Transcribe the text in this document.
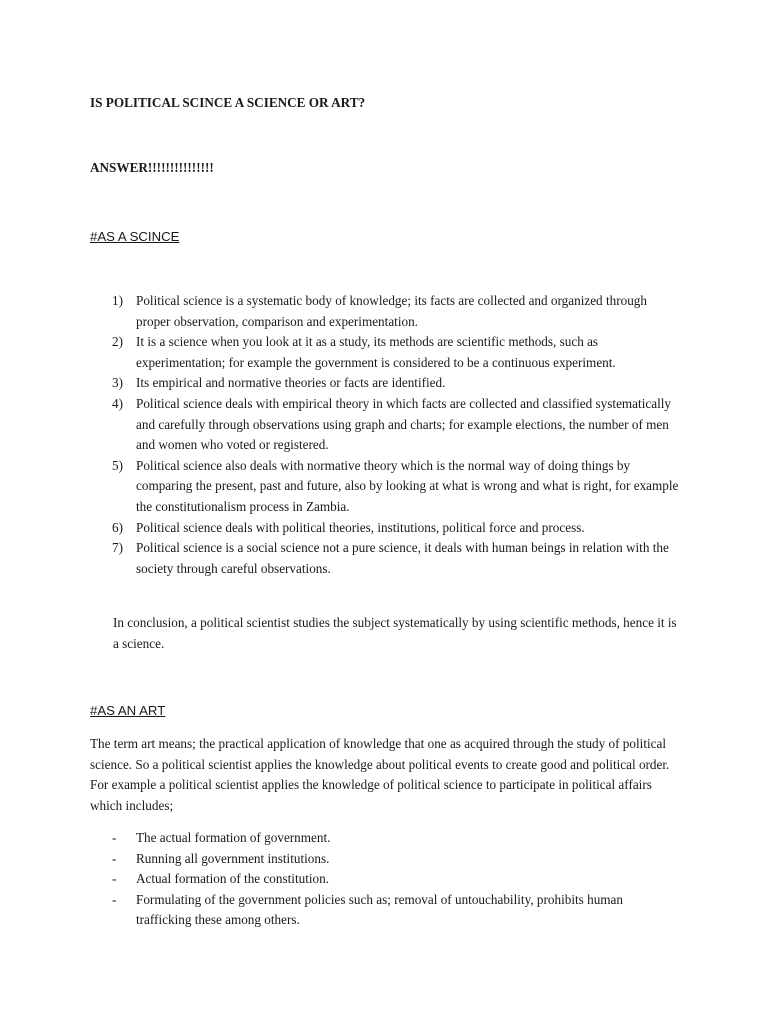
IS POLITICAL SCINCE A SCIENCE OR ART?
ANSWER!!!!!!!!!!!!!!!
#AS A SCINCE
1) Political science is a systematic body of knowledge; its facts are collected and organized through proper observation, comparison and experimentation.
2) It is a science when you look at it as a study, its methods are scientific methods, such as experimentation; for example the government is considered to be a continuous experiment.
3) Its empirical and normative theories or facts are identified.
4) Political science deals with empirical theory in which facts are collected and classified systematically and carefully through observations using graph and charts; for example elections, the number of men and women who voted or registered.
5) Political science also deals with normative theory which is the normal way of doing things by comparing the present, past and future, also by looking at what is wrong and what is right, for example the constitutionalism process in Zambia.
6) Political science deals with political theories, institutions, political force and process.
7) Political science is a social science not a pure science, it deals with human beings in relation with the society through careful observations.
In conclusion, a political scientist studies the subject systematically by using scientific methods, hence it is a science.
#AS AN ART
The term art means; the practical application of knowledge that one as acquired through the study of political science. So a political scientist applies the knowledge about political events to create good and political order. For example a political scientist applies the knowledge of political science to participate in political affairs which includes;
- The actual formation of government.
- Running all government institutions.
- Actual formation of the constitution.
- Formulating of the government policies such as; removal of untouchability, prohibits human trafficking these among others.
